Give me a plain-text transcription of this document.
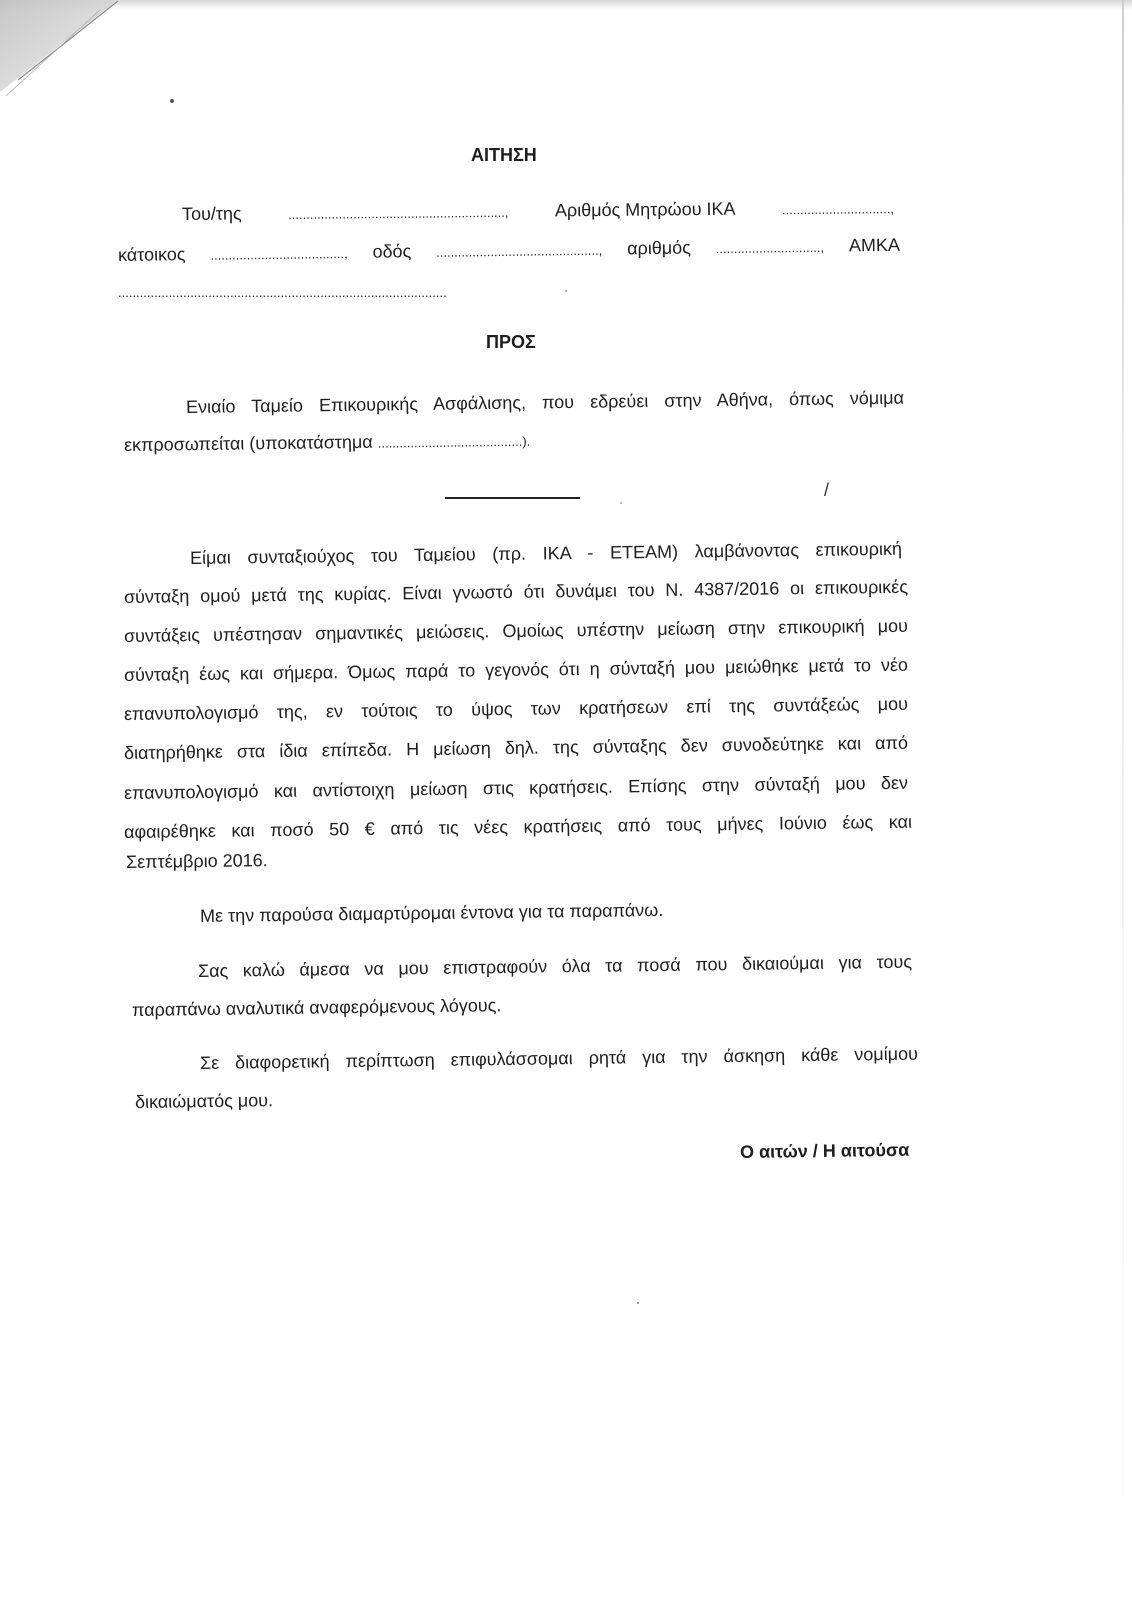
ΑΙΤΗΣΗ
Του/της	............................................................,	Αριθμός Μητρώου ΙΚΑ	..............................,
κάτοικος ....................................., οδός ............................................., αριθμός ............................., ΑΜΚΑ
...........................................................................................
ΠΡΟΣ
Ενιαίο Ταμείο Επικουρικής Ασφάλισης, που εδρεύει στην Αθήνα, όπως νόμιμα
εκπροσωπείται (υποκατάστημα ........................................).
/
Είμαι συνταξιούχος του Ταμείου (πρ. ΙΚΑ - ΕΤΕΑΜ) λαμβάνοντας επικουρική
σύνταξη ομού μετά της κυρίας. Είναι γνωστό ότι δυνάμει του Ν. 4387/2016 οι επικουρικές
συντάξεις υπέστησαν σημαντικές μειώσεις. Ομοίως υπέστην μείωση στην επικουρική μου
σύνταξη έως και σήμερα. Όμως παρά το γεγονός ότι η σύνταξή μου μειώθηκε μετά το νέο
επανυπολογισμό της, εν τούτοις το ύψος των κρατήσεων επί της συντάξεώς μου
διατηρήθηκε στα ίδια επίπεδα. Η μείωση δηλ. της σύνταξης δεν συνοδεύτηκε και από
επανυπολογισμό και αντίστοιχη μείωση στις κρατήσεις. Επίσης στην σύνταξή μου δεν
αφαιρέθηκε και ποσό 50 € από τις νέες κρατήσεις από τους μήνες Ιούνιο έως και
Σεπτέμβριο 2016.
Με την παρούσα διαμαρτύρομαι έντονα για τα παραπάνω.
Σας καλώ άμεσα να μου επιστραφούν όλα τα ποσά που δικαιούμαι για τους
παραπάνω αναλυτικά αναφερόμενους λόγους.
Σε διαφορετική περίπτωση επιφυλάσσομαι ρητά για την άσκηση κάθε νομίμου
δικαιώματός μου.
Ο αιτών / Η αιτούσα
